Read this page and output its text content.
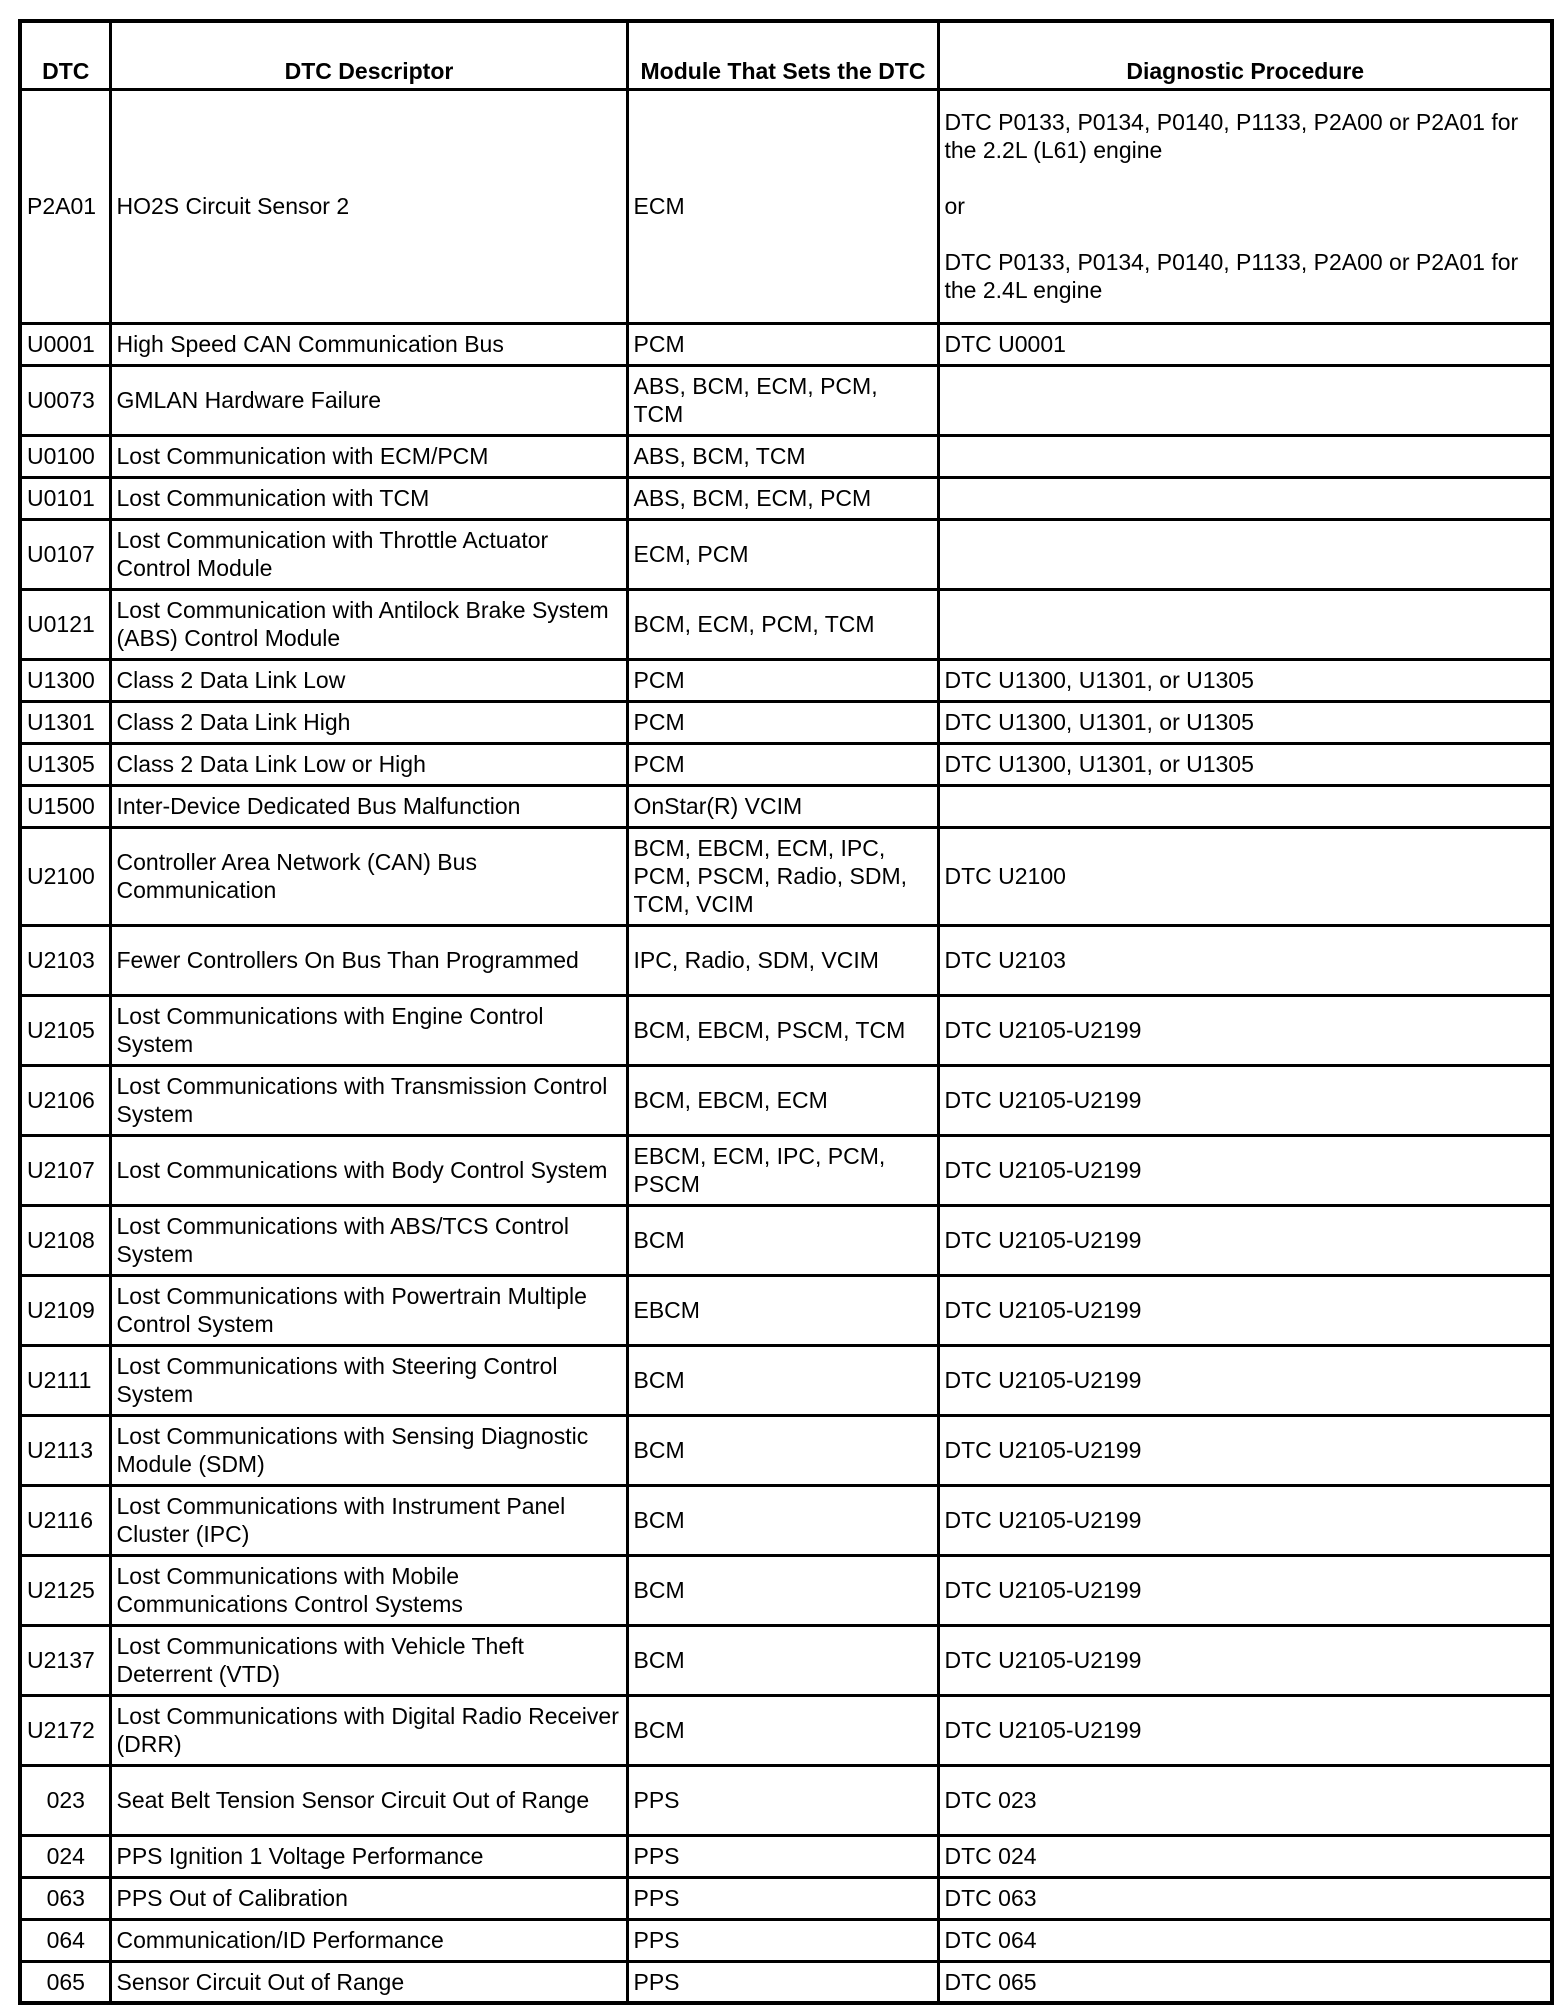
DTC	DTC Descriptor	Module That Sets the DTC	Diagnostic Procedure
P2A01	HO2S Circuit Sensor 2	ECM	DTC P0133, P0134, P0140, P1133, P2A00 or P2A01 for the 2.2L (L61) engine
or
DTC P0133, P0134, P0140, P1133, P2A00 or P2A01 for the 2.4L engine

U0001	High Speed CAN Communication Bus	PCM	DTC U0001

U0073	GMLAN Hardware Failure	ABS, BCM, ECM, PCM, TCM	

U0100	Lost Communication with ECM/PCM	ABS, BCM, TCM	

U0101	Lost Communication with TCM	ABS, BCM, ECM, PCM	

U0107	Lost Communication with Throttle Actuator Control Module	ECM, PCM	

U0121	Lost Communication with Antilock Brake System (ABS) Control Module	BCM, ECM, PCM, TCM	

U1300	Class 2 Data Link Low	PCM	DTC U1300, U1301, or U1305

U1301	Class 2 Data Link High	PCM	DTC U1300, U1301, or U1305

U1305	Class 2 Data Link Low or High	PCM	DTC U1300, U1301, or U1305

U1500	Inter-Device Dedicated Bus Malfunction	OnStar(R) VCIM	

U2100	Controller Area Network (CAN) Bus Communication	BCM, EBCM, ECM, IPC, PCM, PSCM, Radio, SDM, TCM, VCIM	DTC U2100

U2103	Fewer Controllers On Bus Than Programmed	IPC, Radio, SDM, VCIM	DTC U2103

U2105	Lost Communications with Engine Control System	BCM, EBCM, PSCM, TCM	DTC U2105-U2199

U2106	Lost Communications with Transmission Control System	BCM, EBCM, ECM	DTC U2105-U2199

U2107	Lost Communications with Body Control System	EBCM, ECM, IPC, PCM, PSCM	DTC U2105-U2199

U2108	Lost Communications with ABS/TCS Control System	BCM	DTC U2105-U2199

U2109	Lost Communications with Powertrain Multiple Control System	EBCM	DTC U2105-U2199

U2111	Lost Communications with Steering Control System	BCM	DTC U2105-U2199

U2113	Lost Communications with Sensing Diagnostic Module (SDM)	BCM	DTC U2105-U2199

U2116	Lost Communications with Instrument Panel Cluster (IPC)	BCM	DTC U2105-U2199

U2125	Lost Communications with Mobile Communications Control Systems	BCM	DTC U2105-U2199

U2137	Lost Communications with Vehicle Theft Deterrent (VTD)	BCM	DTC U2105-U2199

U2172	Lost Communications with Digital Radio Receiver (DRR)	BCM	DTC U2105-U2199

023	Seat Belt Tension Sensor Circuit Out of Range	PPS	DTC 023

024	PPS Ignition 1 Voltage Performance	PPS	DTC 024

063	PPS Out of Calibration	PPS	DTC 063

064	Communication/ID Performance	PPS	DTC 064

065	Sensor Circuit Out of Range	PPS	DTC 065
